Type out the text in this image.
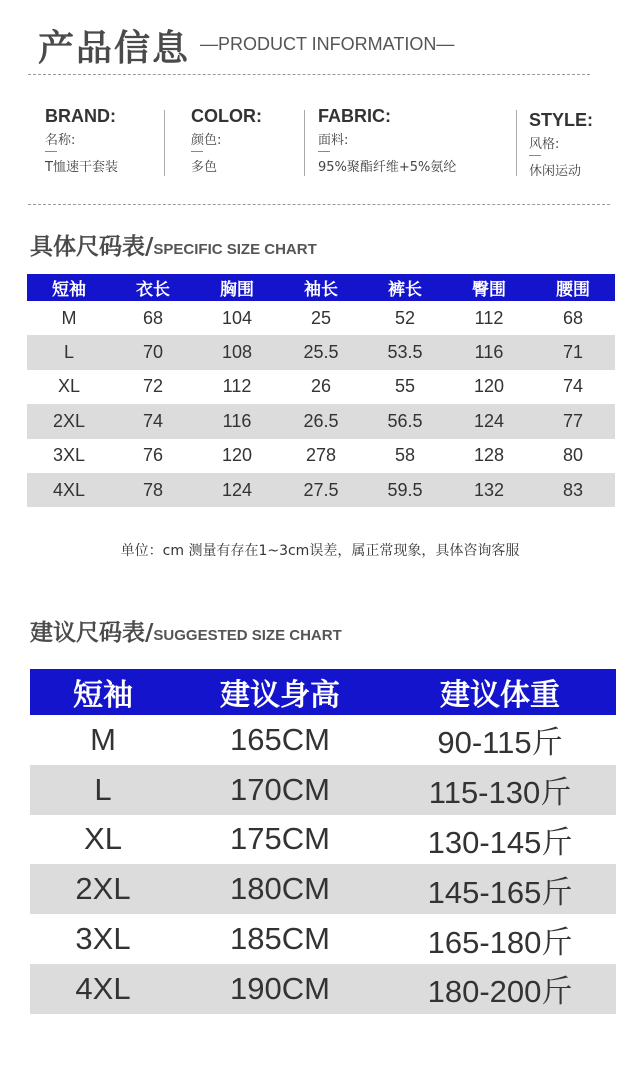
产品信息 —PRODUCT INFORMATION—
BRAND:
名称:
T恤速干套装
COLOR:
颜色:
多色
FABRIC:
面料:
95%聚酯纤维+5%氨纶
STYLE:
风格:
休闲运动
具体尺码表/SPECIFIC SIZE CHART
短袖	衣长	胸围	袖长	裤长	臀围	腰围
M	68	104	25	52	112	68
L	70	108	25.5	53.5	116	71
XL	72	112	26	55	120	74
2XL	74	116	26.5	56.5	124	77
3XL	76	120	278	58	128	80
4XL	78	124	27.5	59.5	132	83
单位：cm 测量有存在1~3cm误差，属正常现象，具体咨询客服
建议尺码表/SUGGESTED SIZE CHART
短袖	建议身高	建议体重
M	165CM	90-115斤
L	170CM	115-130斤
XL	175CM	130-145斤
2XL	180CM	145-165斤
3XL	185CM	165-180斤
4XL	190CM	180-200斤
